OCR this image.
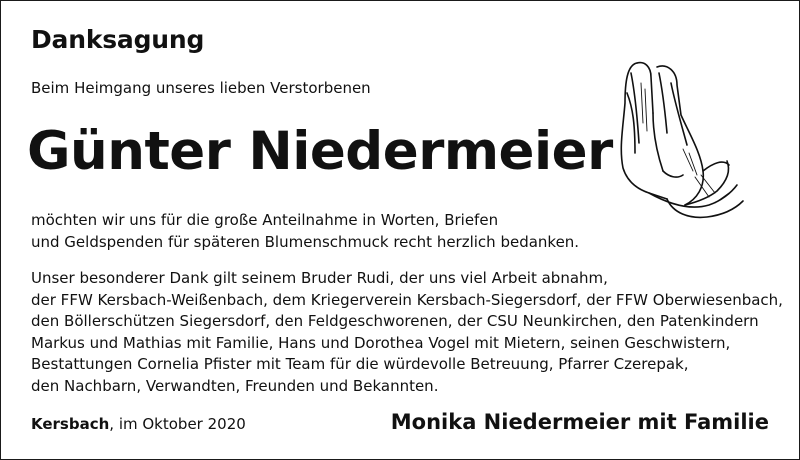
Danksagung
Beim Heimgang unseres lieben Verstorbenen
Günter Niedermeier
möchten wir uns für die große Anteilnahme in Worten, Briefen
und Geldspenden für späteren Blumenschmuck recht herzlich bedanken.
Unser besonderer Dank gilt seinem Bruder Rudi, der uns viel Arbeit abnahm,
der FFW Kersbach-Weißenbach, dem Kriegerverein Kersbach-Siegersdorf, der FFW Oberwiesenbach,
den Böllerschützen Siegersdorf, den Feldgeschworenen, der CSU Neunkirchen, den Patenkindern
Markus und Mathias mit Familie, Hans und Dorothea Vogel mit Mietern, seinen Geschwistern,
Bestattungen Cornelia Pfister mit Team für die würdevolle Betreuung, Pfarrer Czerepak,
den Nachbarn, Verwandten, Freunden und Bekannten.
Kersbach, im Oktober 2020	Monika Niedermeier mit Familie
